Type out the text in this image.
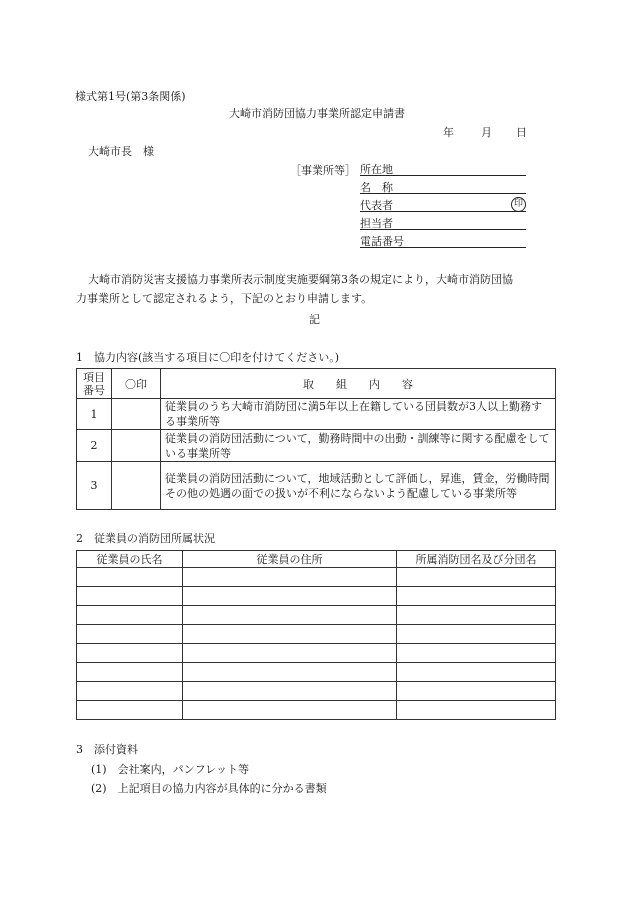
様式第1号(第3条関係)
大崎市消防団協力事業所認定申請書
年 月 日
大崎市長　様
［事業所等］ 所在地
名　称
代表者	印
担当者
電話番号
大崎市消防災害支援協力事業所表示制度実施要綱第3条の規定により，大崎市消防団協
力事業所として認定されるよう，下記のとおり申請します。
記
1　協力内容(該当する項目に〇印を付けてください。)
項目
番号	〇印	取　　組　　内　　容
1		従業員のうち大崎市消防団に満5年以上在籍している団員数が3人以上勤務する事業所等
2		従業員の消防団活動について，勤務時間中の出動・訓練等に関する配慮をしている事業所等
3		従業員の消防団活動について，地域活動として評価し，昇進，賃金，労働時間その他の処遇の面での扱いが不利にならないよう配慮している事業所等
2　従業員の消防団所属状況
従業員の氏名	従業員の住所	所属消防団名及び分団名

3　添付資料
(1)　会社案内，パンフレット等
(2)　上記項目の協力内容が具体的に分かる書類
